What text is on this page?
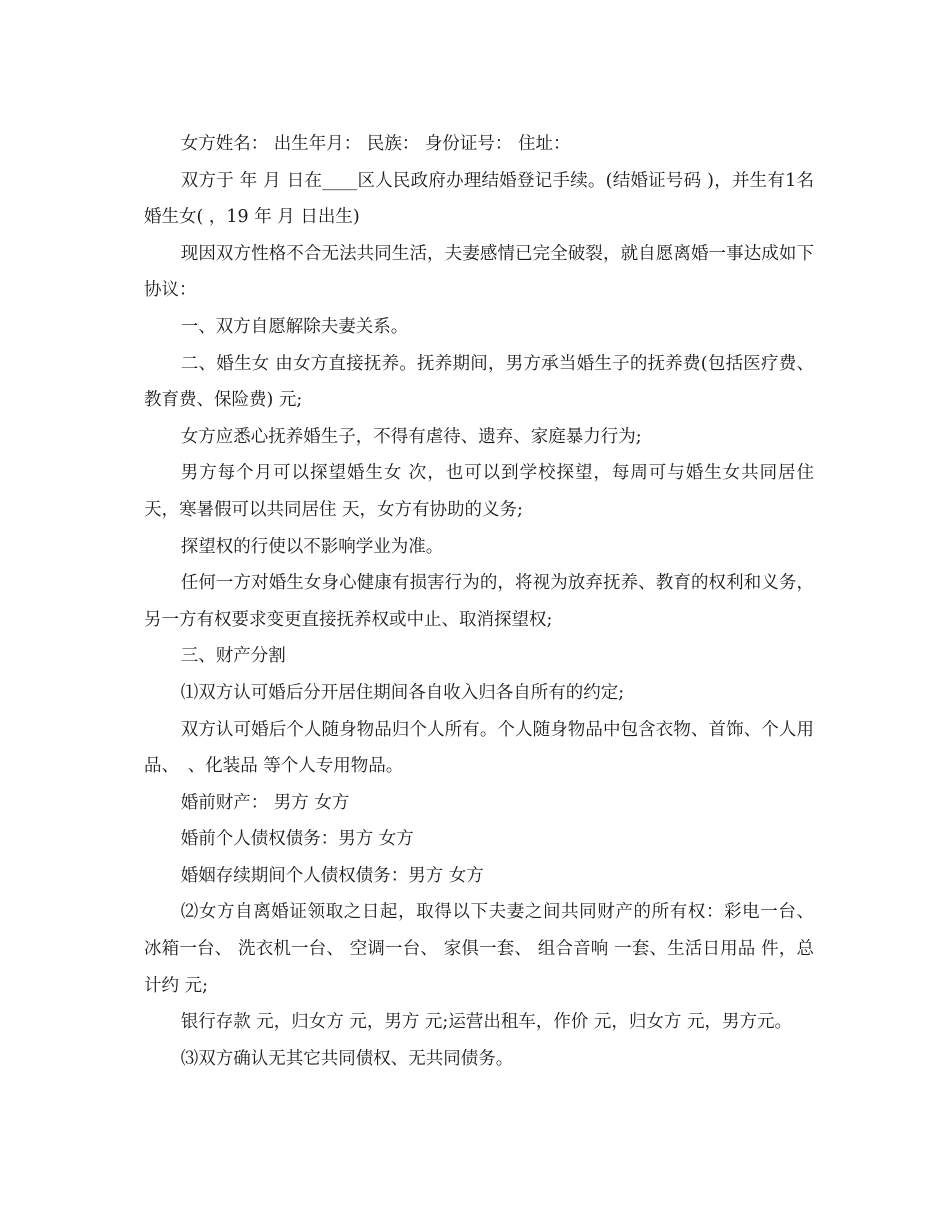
女方姓名： 出生年月： 民族： 身份证号： 住址：

双方于 年 月 日在____区人民政府办理结婚登记手续。(结婚证号码 )，并生有1名婚生女( ，19 年 月 日出生)

现因双方性格不合无法共同生活，夫妻感情已完全破裂，就自愿离婚一事达成如下协议：

一、双方自愿解除夫妻关系。

二、婚生女 由女方直接抚养。抚养期间，男方承当婚生子的抚养费(包括医疗费、教育费、保险费) 元;

女方应悉心抚养婚生子，不得有虐待、遗弃、家庭暴力行为;

男方每个月可以探望婚生女 次，也可以到学校探望，每周可与婚生女共同居住 天，寒暑假可以共同居住 天，女方有协助的义务;

探望权的行使以不影响学业为准。

任何一方对婚生女身心健康有损害行为的，将视为放弃抚养、教育的权利和义务，另一方有权要求变更直接抚养权或中止、取消探望权;

三、财产分割

⑴双方认可婚后分开居住期间各自收入归各自所有的约定;

双方认可婚后个人随身物品归个人所有。个人随身物品中包含衣物、首饰、个人用品、　、化装品 等个人专用物品。

婚前财产： 男方 女方

婚前个人债权债务：男方 女方

婚姻存续期间个人债权债务：男方 女方

⑵女方自离婚证领取之日起，取得以下夫妻之间共同财产的所有权：彩电一台、 冰箱一台、 洗衣机一台、 空调一台、 家俱一套、 组合音响 一套、生活日用品 件，总计约 元;

银行存款 元，归女方 元，男方 元;运营出租车，作价 元，归女方 元，男方元。

⑶双方确认无其它共同债权、无共同债务。
